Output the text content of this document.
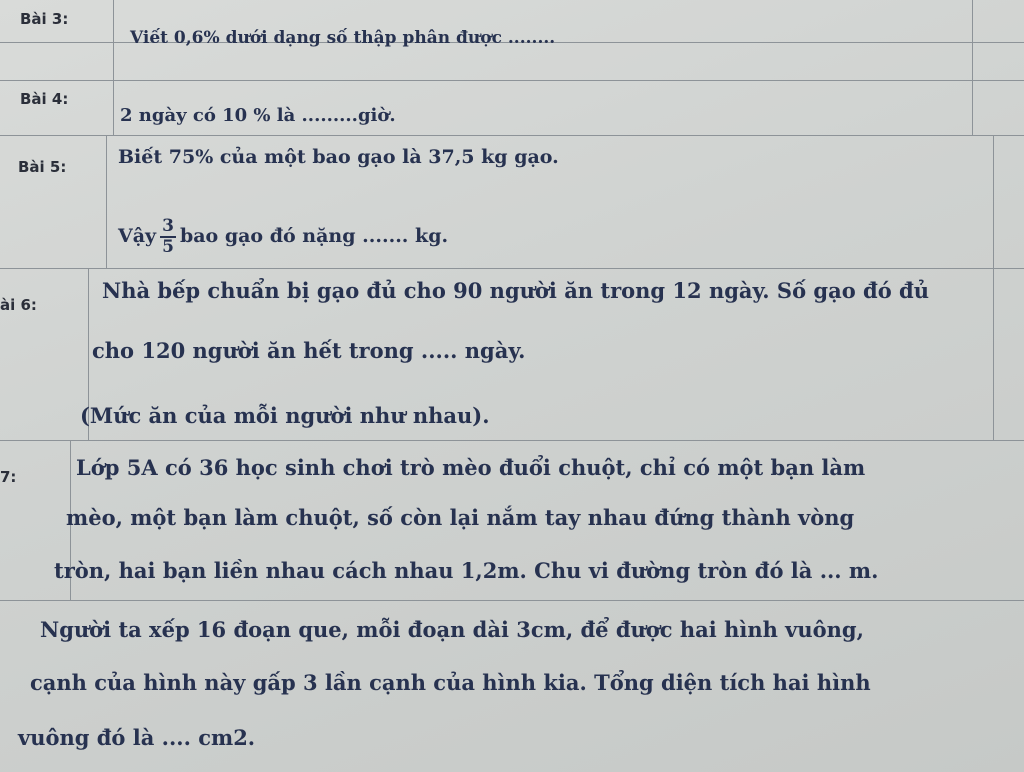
Bài 3:
Viết 0,6% dưới dạng số thập phân được ........
Bài 4:
2 ngày có 10 % là .........giờ.
Bài 5:	Biết 75% của một bao gạo là 37,5 kg gạo.
Vậy $\frac{3}{5}$ bao gạo đó nặng ....... kg.
ài 6:
Nhà bếp chuẩn bị gạo đủ cho 90 người ăn trong 12 ngày. Số gạo đó đủ
cho 120 người ăn hết trong ..... ngày.
(Mức ăn của mỗi người như nhau).
7:	Lớp 5A có 36 học sinh chơi trò mèo đuổi chuột, chỉ có một bạn làm
mèo, một bạn làm chuột, số còn lại nắm tay nhau đứng thành vòng
tròn, hai bạn liền nhau cách nhau 1,2m. Chu vi đường tròn đó là ... m.
Người ta xếp 16 đoạn que, mỗi đoạn dài 3cm, để được hai hình vuông,
cạnh của hình này gấp 3 lần cạnh của hình kia. Tổng diện tích hai hình
vuông đó là .... cm2.
